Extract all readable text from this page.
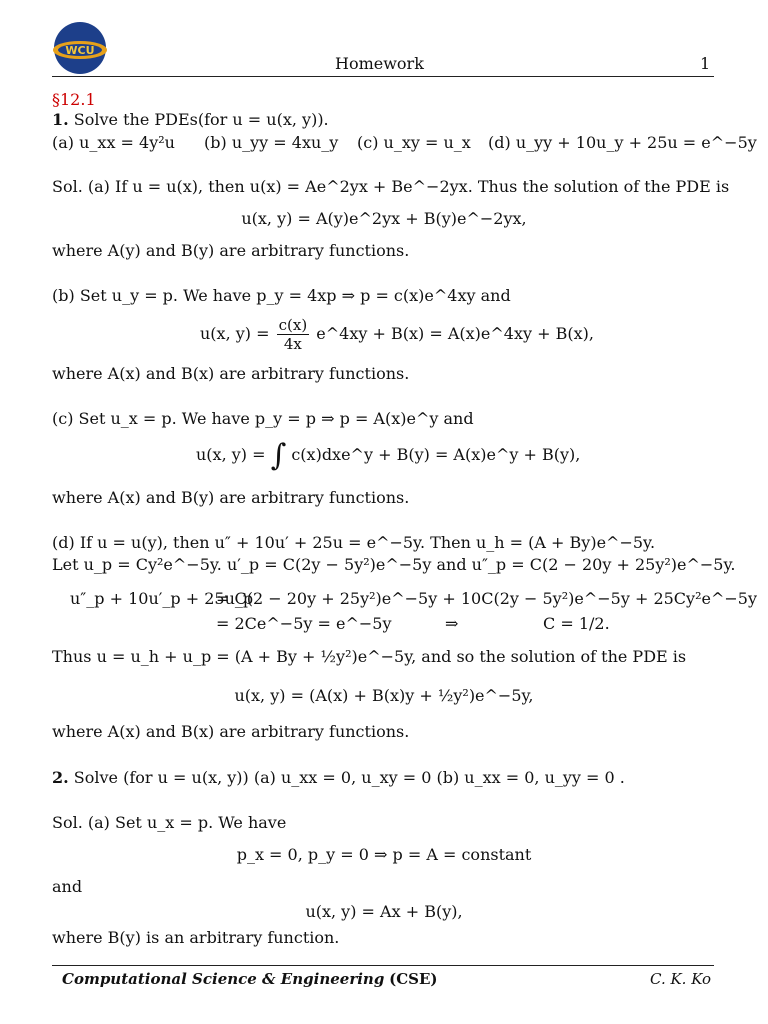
WCU
Homework	1
§12.1
1. Solve the PDEs(for u = u(x, y)).
(a) u_xx = 4y²u (b) u_yy = 4xu_y (c) u_xy = u_x (d) u_yy + 10u_y + 25u = e^−5y
Sol. (a) If u = u(x), then u(x) = Ae^2yx + Be^−2yx. Thus the solution of the PDE is
u(x, y) = A(y)e^2yx + B(y)e^−2yx,
where A(y) and B(y) are arbitrary functions.
(b) Set u_y = p. We have p_y = 4xp ⇒ p = c(x)e^4xy and
u(x, $y) = \frac{c(x)}{4x}$ e^4xy + B(x) = A(x)e^4xy + B(x),
where A(x) and B(x) are arbitrary functions.
(c) Set u_x = p. We have p_y = p ⇒ p = A(x)e^y and
u(x, y) = ∫ c(x)dxe^y + B(y) = A(x)e^y + B(y),
where A(x) and B(y) are arbitrary functions.
(d) If u = u(y), then u″ + 10u′ + 25u = e^−5y. Then u_h = (A + By)e^−5y.
Let u_p = Cy²e^−5y. u′_p = C(2y − 5y²)e^−5y and u″_p = C(2 − 20y + 25y²)e^−5y.
u″_p + 10u′_p + 25u_p
= C(2 − 20y + 25y²)e^−5y + 10C(2y − 5y²)e^−5y + 25Cy²e^−5y
= 2Ce^−5y = e^−5y	⇒	C = 1/2.
Thus u = u_h + u_p = (A + By + ½y²)e^−5y, and so the solution of the PDE is
u(x, y) = (A(x) + B(x)y + ½y²)e^−5y,
where A(x) and B(x) are arbitrary functions.
2. Solve (for u = u(x, y)) (a) u_xx = 0, u_xy = 0 (b) u_xx = 0, u_yy = 0 .
Sol. (a) Set u_x = p. We have
p_x = 0, p_y = 0 ⇒ p = A = constant
and
u(x, y) = Ax + B(y),
where B(y) is an arbitrary function.
Computational Science & Engineering (CSE)	C. K. Ko
